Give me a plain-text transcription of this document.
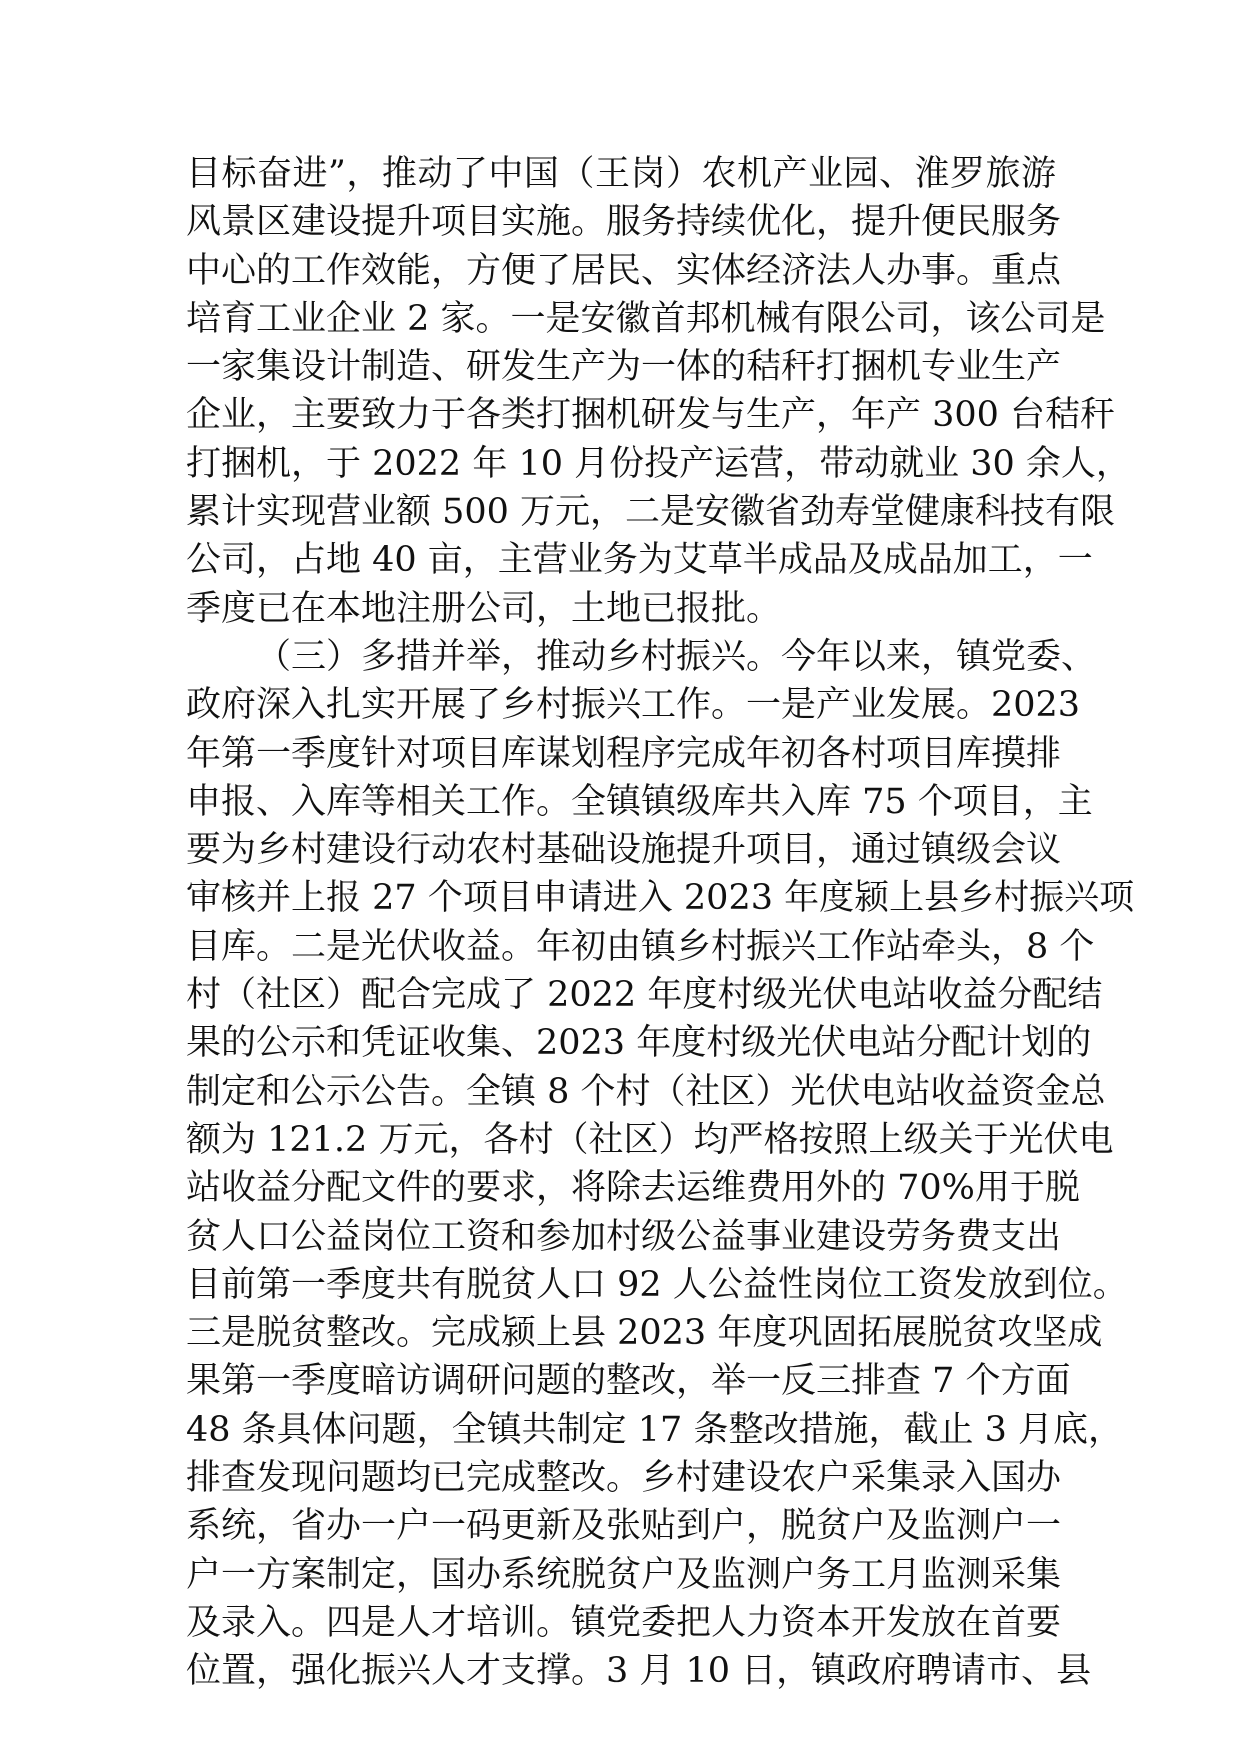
目标奋进”，推动了中国（王岗）农机产业园、淮罗旅游
风景区建设提升项目实施。服务持续优化，提升便民服务
中心的工作效能，方便了居民、实体经济法人办事。重点
培育工业企业 2 家。一是安徽首邦机械有限公司，该公司是
一家集设计制造、研发生产为一体的秸秆打捆机专业生产
企业，主要致力于各类打捆机研发与生产，年产 300 台秸秆
打捆机，于 2022 年 10 月份投产运营，带动就业 30 余人，
累计实现营业额 500 万元，二是安徽省劲寿堂健康科技有限
公司，占地 40 亩，主营业务为艾草半成品及成品加工，一
季度已在本地注册公司，土地已报批。
（三）多措并举，推动乡村振兴。今年以来，镇党委、
政府深入扎实开展了乡村振兴工作。一是产业发展。2023
年第一季度针对项目库谋划程序完成年初各村项目库摸排
申报、入库等相关工作。全镇镇级库共入库 75 个项目，主
要为乡村建设行动农村基础设施提升项目，通过镇级会议
审核并上报 27 个项目申请进入 2023 年度颍上县乡村振兴项
目库。二是光伏收益。年初由镇乡村振兴工作站牵头，8 个
村（社区）配合完成了 2022 年度村级光伏电站收益分配结
果的公示和凭证收集、2023 年度村级光伏电站分配计划的
制定和公示公告。全镇 8 个村（社区）光伏电站收益资金总
额为 121.2 万元，各村（社区）均严格按照上级关于光伏电
站收益分配文件的要求，将除去运维费用外的 70%用于脱
贫人口公益岗位工资和参加村级公益事业建设劳务费支出
目前第一季度共有脱贫人口 92 人公益性岗位工资发放到位。
三是脱贫整改。完成颍上县 2023 年度巩固拓展脱贫攻坚成
果第一季度暗访调研问题的整改，举一反三排查 7 个方面
48 条具体问题，全镇共制定 17 条整改措施，截止 3 月底，
排查发现问题均已完成整改。乡村建设农户采集录入国办
系统，省办一户一码更新及张贴到户，脱贫户及监测户一
户一方案制定，国办系统脱贫户及监测户务工月监测采集
及录入。四是人才培训。镇党委把人力资本开发放在首要
位置，强化振兴人才支撑。3 月 10 日，镇政府聘请市、县
